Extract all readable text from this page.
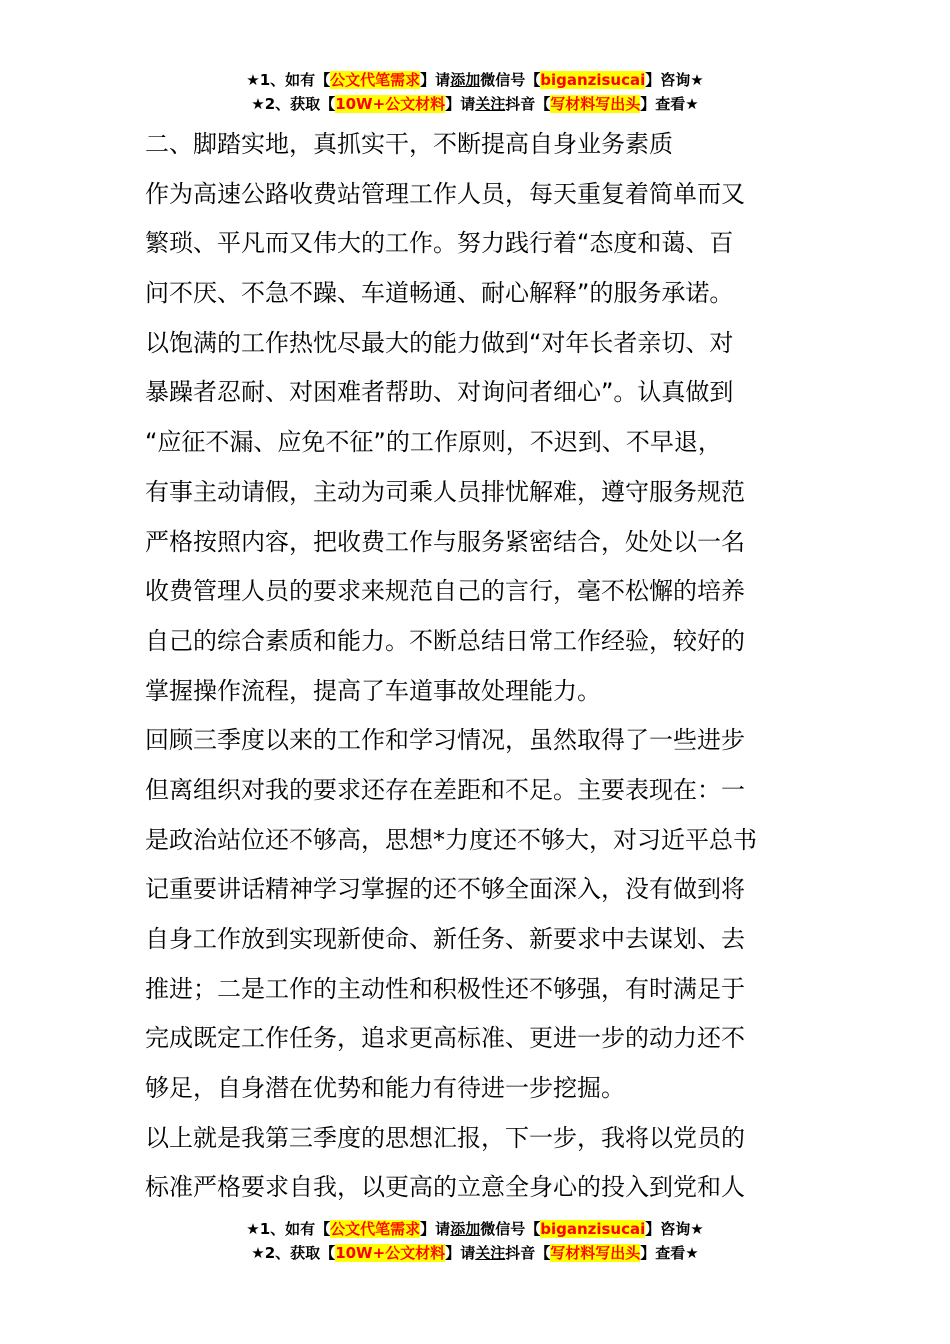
★1、如有【公文代笔需求】请添加微信号【biganzisucai】咨询★
★2、获取【10W+公文材料】请关注抖音【写材料写出头】查看★
二、脚踏实地，真抓实干，不断提高自身业务素质
作为高速公路收费站管理工作人员，每天重复着简单而又
繁琐、平凡而又伟大的工作。努力践行着“态度和蔼、百
问不厌、不急不躁、车道畅通、耐心解释”的服务承诺。
以饱满的工作热忱尽最大的能力做到“对年长者亲切、对
暴躁者忍耐、对困难者帮助、对询问者细心”。认真做到
“应征不漏、应免不征”的工作原则，不迟到、不早退，
有事主动请假，主动为司乘人员排忧解难，遵守服务规范
严格按照内容，把收费工作与服务紧密结合，处处以一名
收费管理人员的要求来规范自己的言行，毫不松懈的培养
自己的综合素质和能力。不断总结日常工作经验，较好的
掌握操作流程，提高了车道事故处理能力。
回顾三季度以来的工作和学习情况，虽然取得了一些进步
但离组织对我的要求还存在差距和不足。主要表现在：一
是政治站位还不够高，思想*力度还不够大，对习近平总书
记重要讲话精神学习掌握的还不够全面深入，没有做到将
自身工作放到实现新使命、新任务、新要求中去谋划、去
推进；二是工作的主动性和积极性还不够强，有时满足于
完成既定工作任务，追求更高标准、更进一步的动力还不
够足，自身潜在优势和能力有待进一步挖掘。
以上就是我第三季度的思想汇报，下一步，我将以党员的
标准严格要求自我，以更高的立意全身心的投入到党和人
★1、如有【公文代笔需求】请添加微信号【biganzisucai】咨询★
★2、获取【10W+公文材料】请关注抖音【写材料写出头】查看★
